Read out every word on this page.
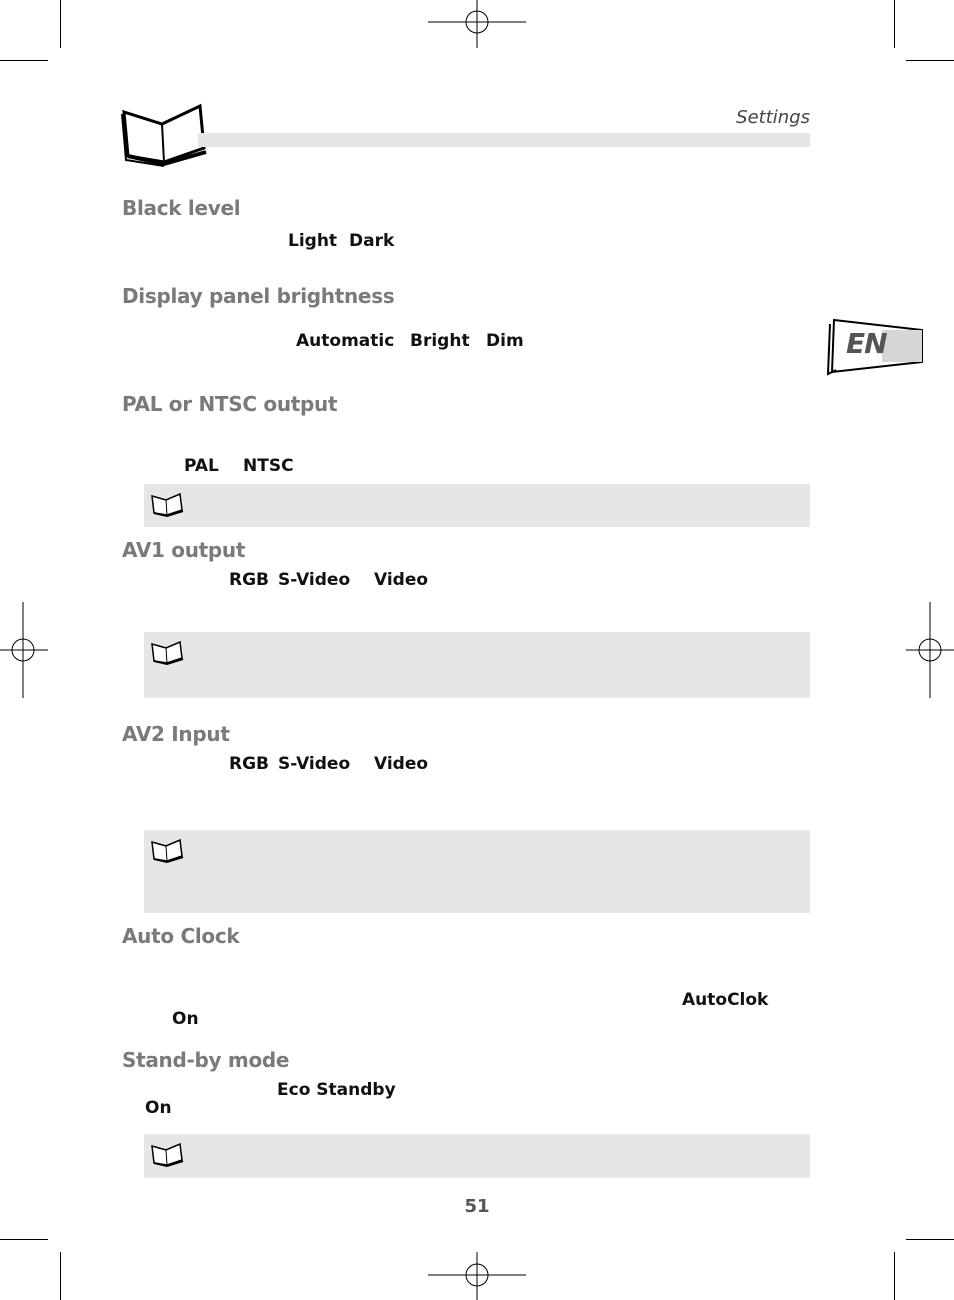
Settings
EN
Black level
Light Dark
Display panel brightness
Automatic Bright Dim
PAL or NTSC output
PAL NTSC
AV1 output
RGB S-Video Video
AV2 Input
RGB S-Video Video
Auto Clock
AutoClok
On
Stand-by mode
Eco Standby
On
51
